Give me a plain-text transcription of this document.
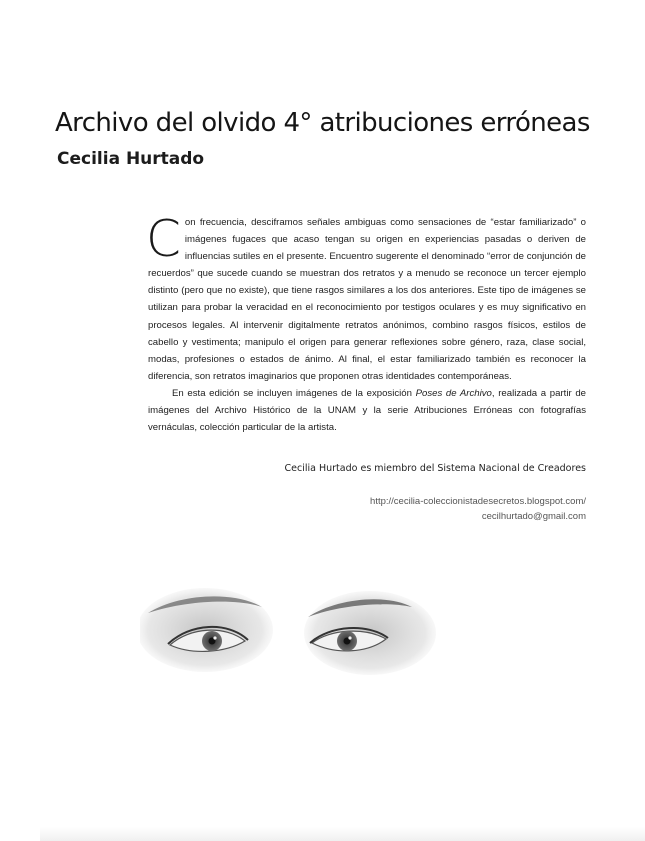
Archivo del olvido 4° atribuciones erróneas
Cecilia Hurtado

Con frecuencia, desciframos señales ambiguas como sensaciones de “estar familiarizado” o imágenes fugaces que acaso tengan su origen en experiencias pasadas o deriven de influencias sutiles en el presente. Encuentro sugerente el denominado “error de conjunción de recuerdos” que sucede cuando se muestran dos retratos y a menudo se reconoce un tercer ejemplo distinto (pero que no existe), que tiene rasgos similares a los dos anteriores. Este tipo de imágenes se utilizan para probar la veracidad en el reconocimiento por testigos oculares y es muy significativo en procesos legales. Al intervenir digitalmente retratos anónimos, combino rasgos físicos, estilos de cabello y vestimenta; manipulo el origen para generar reflexiones sobre género, raza, clase social, modas, profesiones o estados de ánimo. Al final, el estar familiarizado también es reconocer la diferencia, son retratos imaginarios que proponen otras identidades contemporáneas.

En esta edición se incluyen imágenes de la exposición Poses de Archivo, realizada a partir de imágenes del Archivo Histórico de la UNAM y la serie Atribuciones Erróneas con fotografías vernáculas, colección particular de la artista.

Cecilia Hurtado es miembro del Sistema Nacional de Creadores
http://cecilia-coleccionistadesecretos.blogspot.com/
cecilhurtado@gmail.com
